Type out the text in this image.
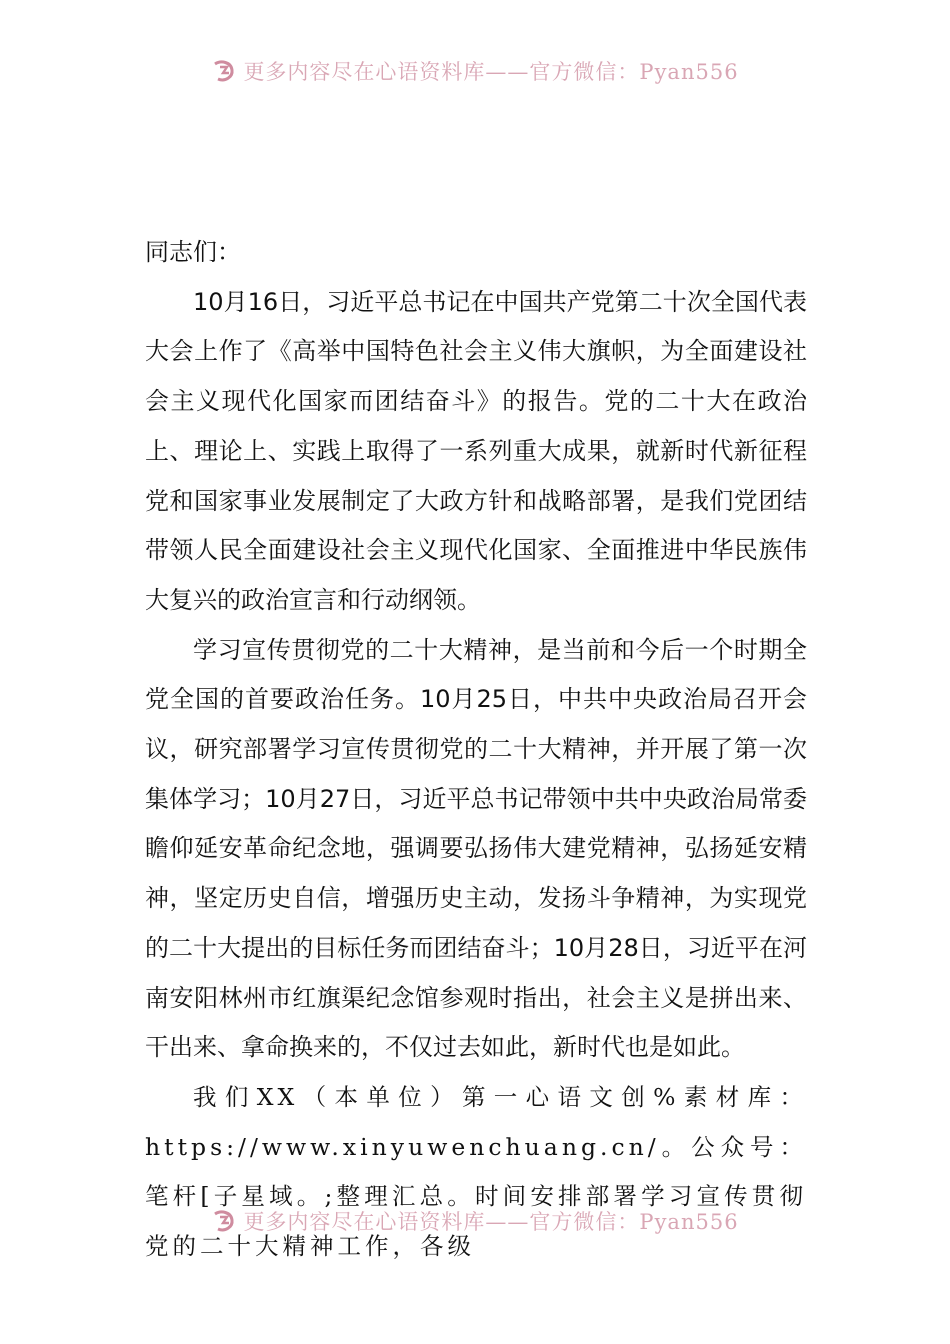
更多内容尽在心语资料库——官方微信：Pyan556

同志们：

10月16日，习近平总书记在中国共产党第二十次全国代表大会上作了《高举中国特色社会主义伟大旗帜，为全面建设社会主义现代化国家而团结奋斗》的报告。党的二十大在政治上、理论上、实践上取得了一系列重大成果，就新时代新征程党和国家事业发展制定了大政方针和战略部署，是我们党团结带领人民全面建设社会主义现代化国家、全面推进中华民族伟大复兴的政治宣言和行动纲领。

学习宣传贯彻党的二十大精神，是当前和今后一个时期全党全国的首要政治任务。10月25日，中共中央政治局召开会议，研究部署学习宣传贯彻党的二十大精神，并开展了第一次集体学习；10月27日，习近平总书记带领中共中央政治局常委瞻仰延安革命纪念地，强调要弘扬伟大建党精神，弘扬延安精神，坚定历史自信，增强历史主动，发扬斗争精神，为实现党的二十大提出的目标任务而团结奋斗；10月28日，习近平在河南安阳林州市红旗渠纪念馆参观时指出，社会主义是拼出来、干出来、拿命换来的，不仅过去如此，新时代也是如此。

我们XX（本单位）第一心语文创%素材库：https://www.xinyuwenchuang.cn/。公众号：笔杆[子星域。;整理汇总。时间安排部署学习宣传贯彻党的二十大精神工作，各级

更多内容尽在心语资料库——官方微信：Pyan556
